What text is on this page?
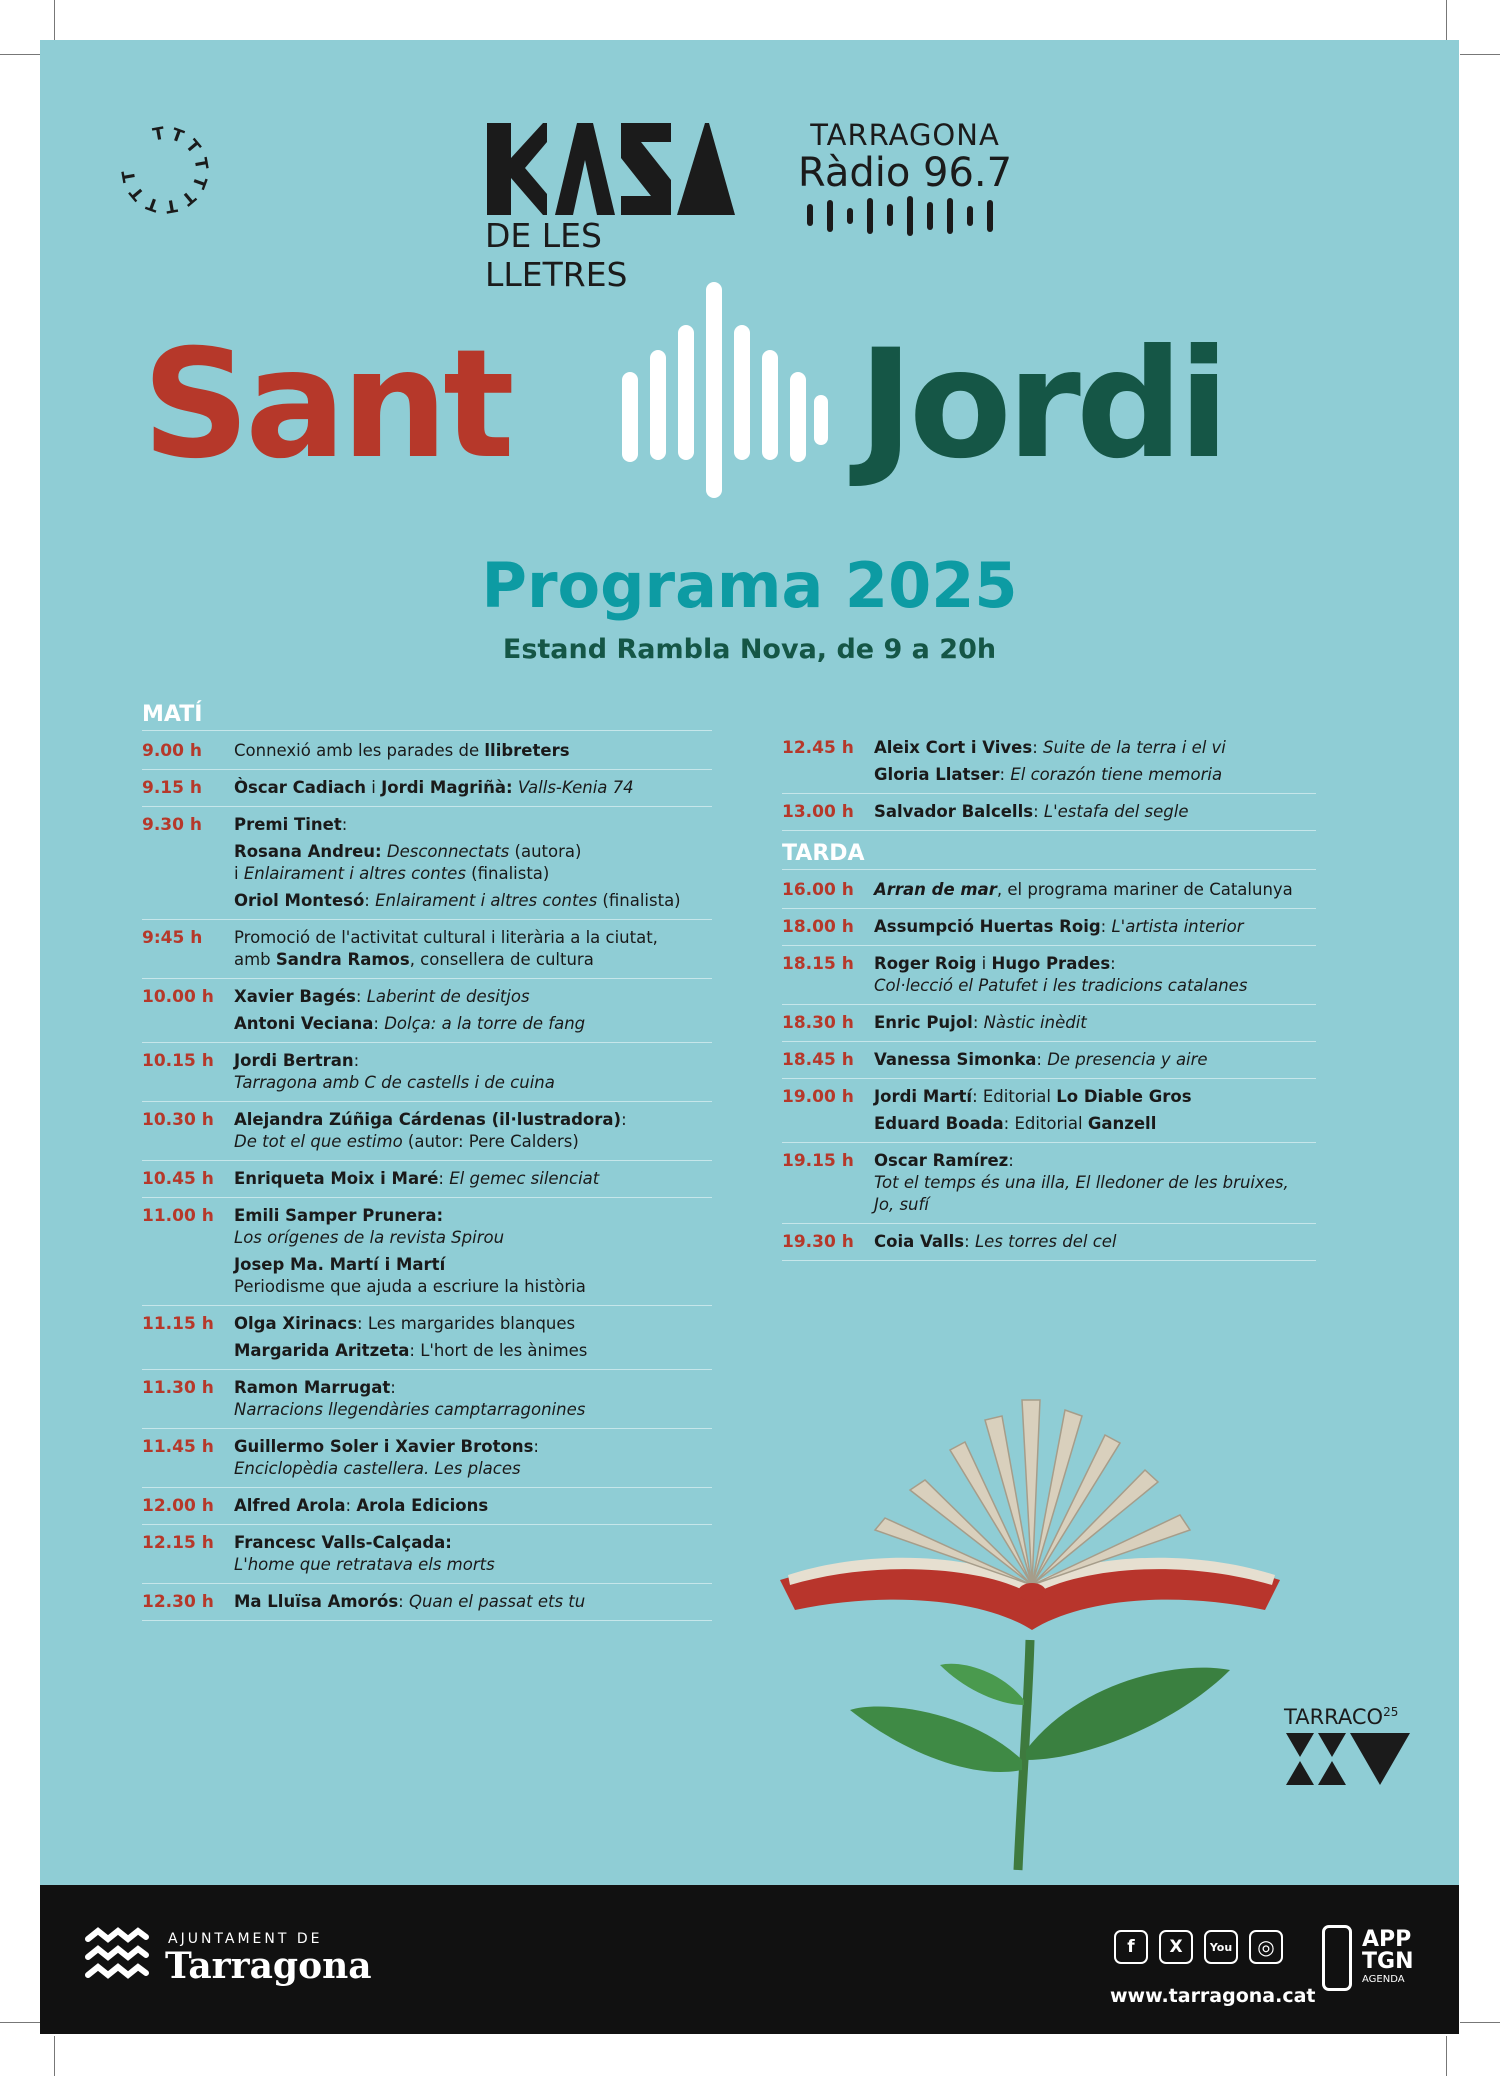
T T
T
T
T
T
T
T
T
T
DE LES LLETRES
TARRAGONA
Ràdio 96.7
Sant Jordi
Programa 2025
Estand Rambla Nova, de 9 a 20h
MATÍ
9.00 h	Connexió amb les parades de llibreters
9.15 h	Òscar Cadiach i Jordi Magriñà: Valls-Kenia 74
9.30 h	Premi Tinet:
Rosana Andreu: Desconnectats (autora)
i Enlairament i altres contes (finalista)
Oriol Montesó: Enlairament i altres contes (finalista)
9:45 h	Promoció de l'activitat cultural i literària a la ciutat,
amb Sandra Ramos, consellera de cultura
10.00 h	Xavier Bagés: Laberint de desitjos
Antoni Veciana: Dolça: a la torre de fang
10.15 h	Jordi Bertran:
Tarragona amb C de castells i de cuina
10.30 h	Alejandra Zúñiga Cárdenas (il·lustradora):
De tot el que estimo (autor: Pere Calders)
10.45 h	Enriqueta Moix i Maré: El gemec silenciat
11.00 h	Emili Samper Prunera:
Los orígenes de la revista Spirou
Josep Ma. Martí i Martí
Periodisme que ajuda a escriure la història
11.15 h	Olga Xirinacs: Les margarides blanques
Margarida Aritzeta: L'hort de les ànimes
11.30 h	Ramon Marrugat:
Narracions llegendàries camptarragonines
11.45 h	Guillermo Soler i Xavier Brotons:
Enciclopèdia castellera. Les places
12.00 h	Alfred Arola: Arola Edicions
12.15 h	Francesc Valls-Calçada:
L'home que retratava els morts
12.30 h	Ma Lluïsa Amorós: Quan el passat ets tu
12.45 h	Aleix Cort i Vives: Suite de la terra i el vi
Gloria Llatser: El corazón tiene memoria
13.00 h	Salvador Balcells: L'estafa del segle
TARDA
16.00 h	Arran de mar, el programa mariner de Catalunya
18.00 h	Assumpció Huertas Roig: L'artista interior
18.15 h	Roger Roig i Hugo Prades:
Col·lecció el Patufet i les tradicions catalanes
18.30 h	Enric Pujol: Nàstic inèdit
18.45 h	Vanessa Simonka: De presencia y aire
19.00 h	Jordi Martí: Editorial Lo Diable Gros
Eduard Boada: Editorial Ganzell
19.15 h	Oscar Ramírez:
Tot el temps és una illa, El lledoner de les bruixes,
Jo, sufí
19.30 h	Coia Valls: Les torres del cel
TARRACO$^{25}$
AJUNTAMENT DE
Tarragona	f	X	You	◎
www.tarragona.cat
APP
TGN
AGENDA
